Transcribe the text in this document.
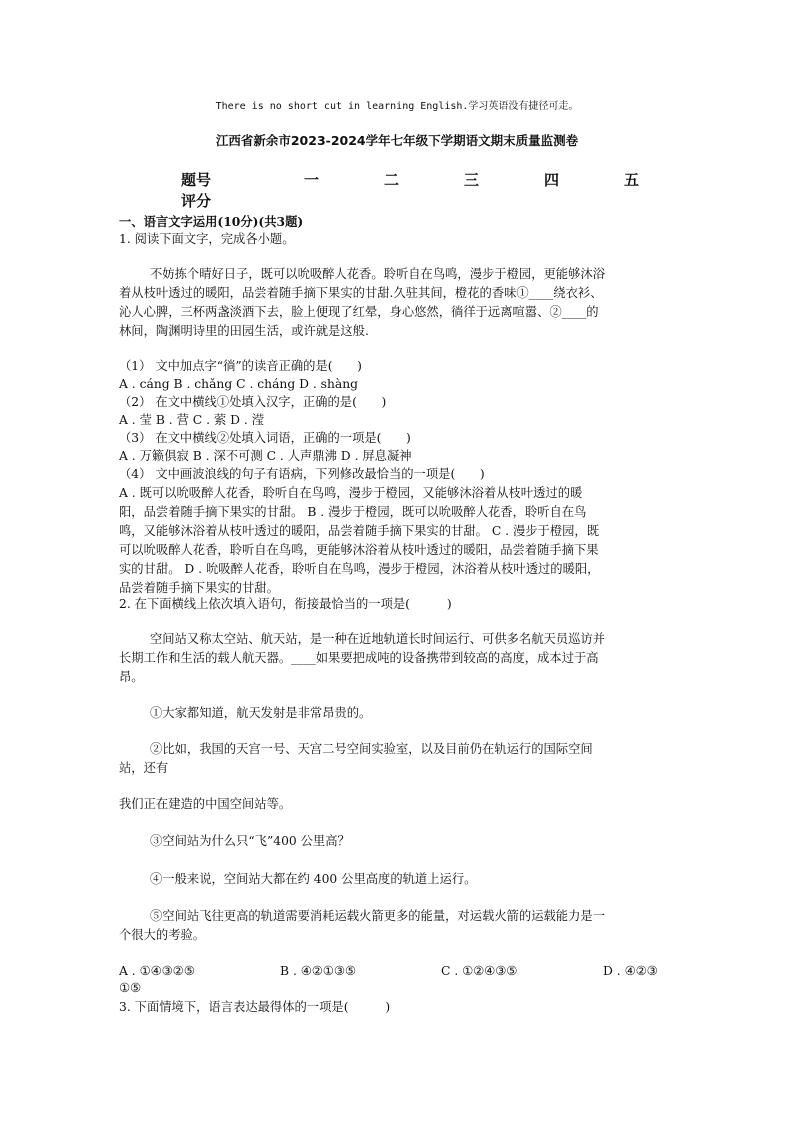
There is no short cut in learning English.学习英语没有捷径可走。
江西省新余市2023-2024学年七年级下学期语文期末质量监测卷
题号	一	二	三	四	五
评分
一、语言文字运用(10分)(共3题)
1. 阅读下面文字，完成各小题。
不妨拣个晴好日子，既可以吮吸醉人花香。聆听自在鸟鸣，漫步于橙园，更能够沐浴
着从枝叶透过的暖阳，品尝着随手摘下果实的甘甜.久驻其间，橙花的香味①____绕衣衫、
沁人心脾，三杯两盏淡酒下去，脸上便现了红晕，身心悠然，徜徉于远离喧嚣、②____的
林间，陶渊明诗里的田园生活，或许就是这般.
（1） 文中加点字“徜”的读音正确的是(　　)
A . cáng B . chǎng C . cháng D . shàng
（2） 在文中横线①处填入汉字，正确的是(　　)
A . 莹 B . 营 C . 萦 D . 滢
（3） 在文中横线②处填入词语，正确的一项是(　　)
A . 万籁俱寂 B . 深不可测 C . 人声鼎沸 D . 屏息凝神
（4） 文中画波浪线的句子有语病，下列修改最恰当的一项是(　　)
A . 既可以吮吸醉人花香，聆听自在鸟鸣，漫步于橙园，又能够沐浴着从枝叶透过的暖
阳，品尝着随手摘下果实的甘甜。 B . 漫步于橙园，既可以吮吸醉人花香，聆听自在鸟
鸣，又能够沐浴着从枝叶透过的暖阳，品尝着随手摘下果实的甘甜。 C . 漫步于橙园，既
可以吮吸醉人花香，聆听自在鸟鸣，更能够沐浴着从枝叶透过的暖阳，品尝着随手摘下果
实的甘甜。 D . 吮吸醉人花香，聆听自在鸟鸣，漫步于橙园，沐浴着从枝叶透过的暖阳，
品尝着随手摘下果实的甘甜。
2. 在下面横线上依次填入语句，衔接最恰当的一项是(　　　)
空间站又称太空站、航天站，是一种在近地轨道长时间运行、可供多名航天员巡访并
长期工作和生活的载人航天器。____如果要把成吨的设备携带到较高的高度，成本过于高
昂。
①大家都知道，航天发射是非常昂贵的。
②比如，我国的天宫一号、天宫二号空间实验室，以及目前仍在轨运行的国际空间
站，还有
我们正在建造的中国空间站等。
③空间站为什么只“飞”400 公里高？
④一般来说，空间站大都在约 400 公里高度的轨道上运行。
⑤空间站飞往更高的轨道需要消耗运载火箭更多的能量，对运载火箭的运载能力是一
个很大的考验。
A . ①④③②⑤	B . ④②①③⑤	C . ①②④③⑤	D . ④②③
①⑤
3. 下面情境下，语言表达最得体的一项是(　　　)
